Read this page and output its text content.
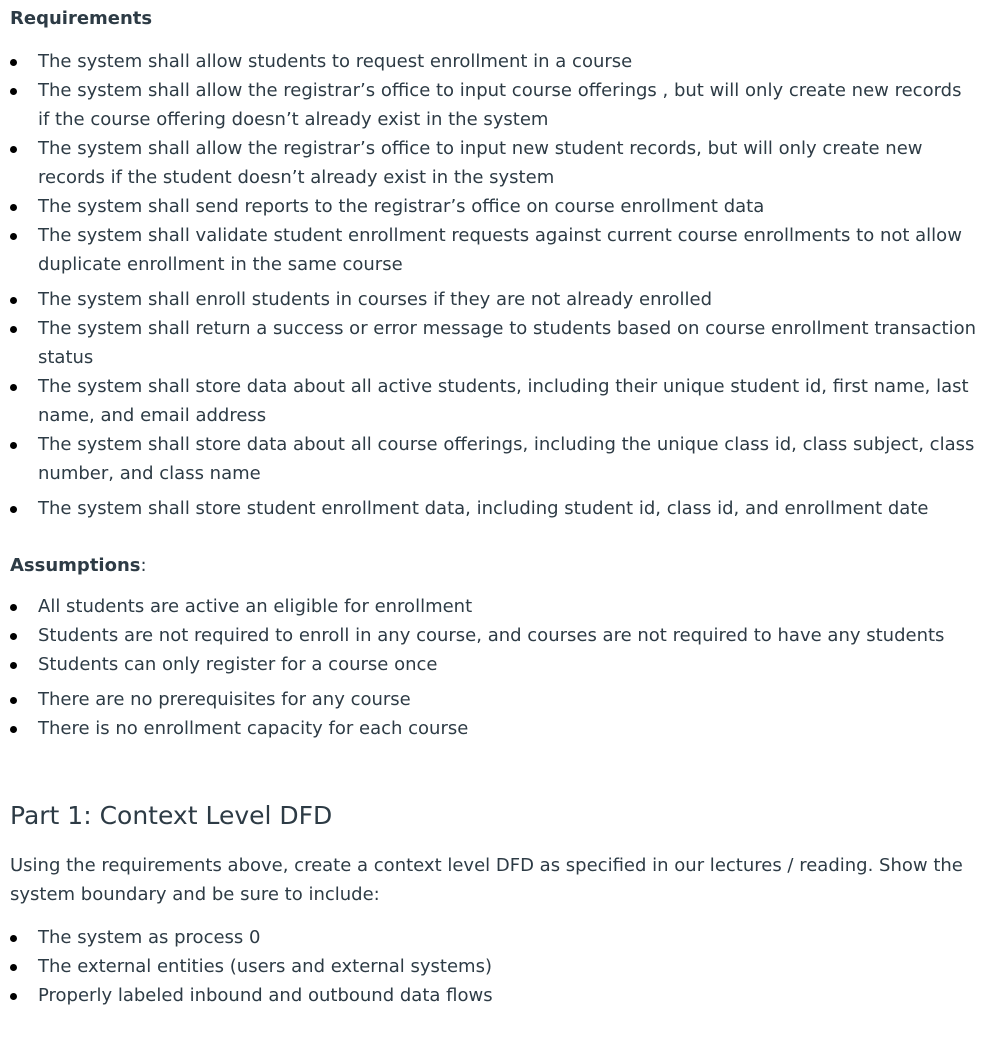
Requirements
The system shall allow students to request enrollment in a course
The system shall allow the registrar’s office to input course offerings , but will only create new records if the course offering doesn’t already exist in the system
The system shall allow the registrar’s office to input new student records, but will only create new records if the student doesn’t already exist in the system
The system shall send reports to the registrar’s office on course enrollment data
The system shall validate student enrollment requests against current course enrollments to not allow duplicate enrollment in the same course
The system shall enroll students in courses if they are not already enrolled
The system shall return a success or error message to students based on course enrollment transaction status
The system shall store data about all active students, including their unique student id, first name, last name, and email address
The system shall store data about all course offerings, including the unique class id, class subject, class number, and class name
The system shall store student enrollment data, including student id, class id, and enrollment date
Assumptions:
All students are active an eligible for enrollment
Students are not required to enroll in any course, and courses are not required to have any students
Students can only register for a course once
There are no prerequisites for any course
There is no enrollment capacity for each course
Part 1: Context Level DFD

Using the requirements above, create a context level DFD as specified in our lectures / reading. Show the system boundary and be sure to include:

The system as process 0
The external entities (users and external systems)
Properly labeled inbound and outbound data flows
